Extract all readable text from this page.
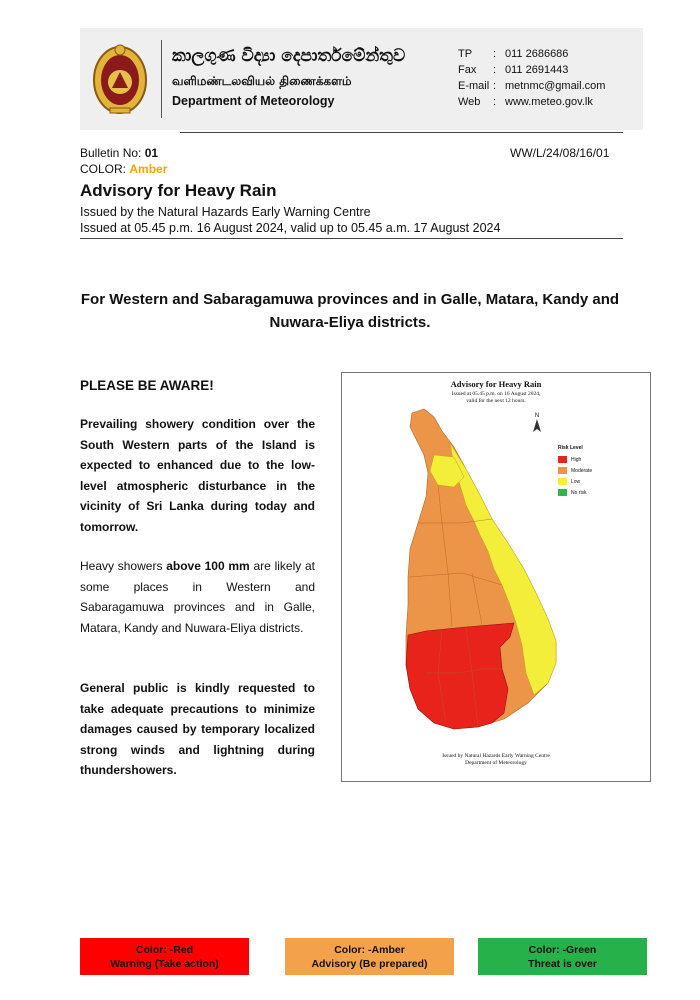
කාලගුණ විද්‍යා දෙපාර්තමේන්තුව
வளிமண்டலவியல் திணைக்களம்
Department of Meteorology
TP	: 011 2686686
Fax	: 011 2691443
E-mail : metnmc@gmail.com
Web	: www.meteo.gov.lk
Bulletin No: 01	WW/L/24/08/16/01
COLOR: Amber
Advisory for Heavy Rain
Issued by the Natural Hazards Early Warning Centre
Issued at 05.45 p.m. 16 August 2024, valid up to 05.45 a.m. 17 August 2024
For Western and Sabaragamuwa provinces and in Galle, Matara, Kandy and Nuwara-Eliya districts.
PLEASE BE AWARE!
Prevailing showery condition over the South Western parts of the Island is expected to enhanced due to the low-level atmospheric disturbance in the vicinity of Sri Lanka during today and tomorrow.
Heavy showers above 100 mm are likely at some places in Western and Sabaragamuwa provinces and in Galle, Matara, Kandy and Nuwara-Eliya districts.
General public is kindly requested to take adequate precautions to minimize damages caused by temporary localized strong winds and lightning during thundershowers.
Advisory for Heavy Rain
Issued at 05.45 p.m. on 16 August 2024,
valid for the next 12 hours.
N
Risk Level
High
Moderate
Low
No risk
Issued by Natural Hazards Early Warning Centre
Department of Meteorology
Color: -Red
Warning (Take action)
Color: -Amber
Advisory (Be prepared)
Color: -Green
Threat is over
